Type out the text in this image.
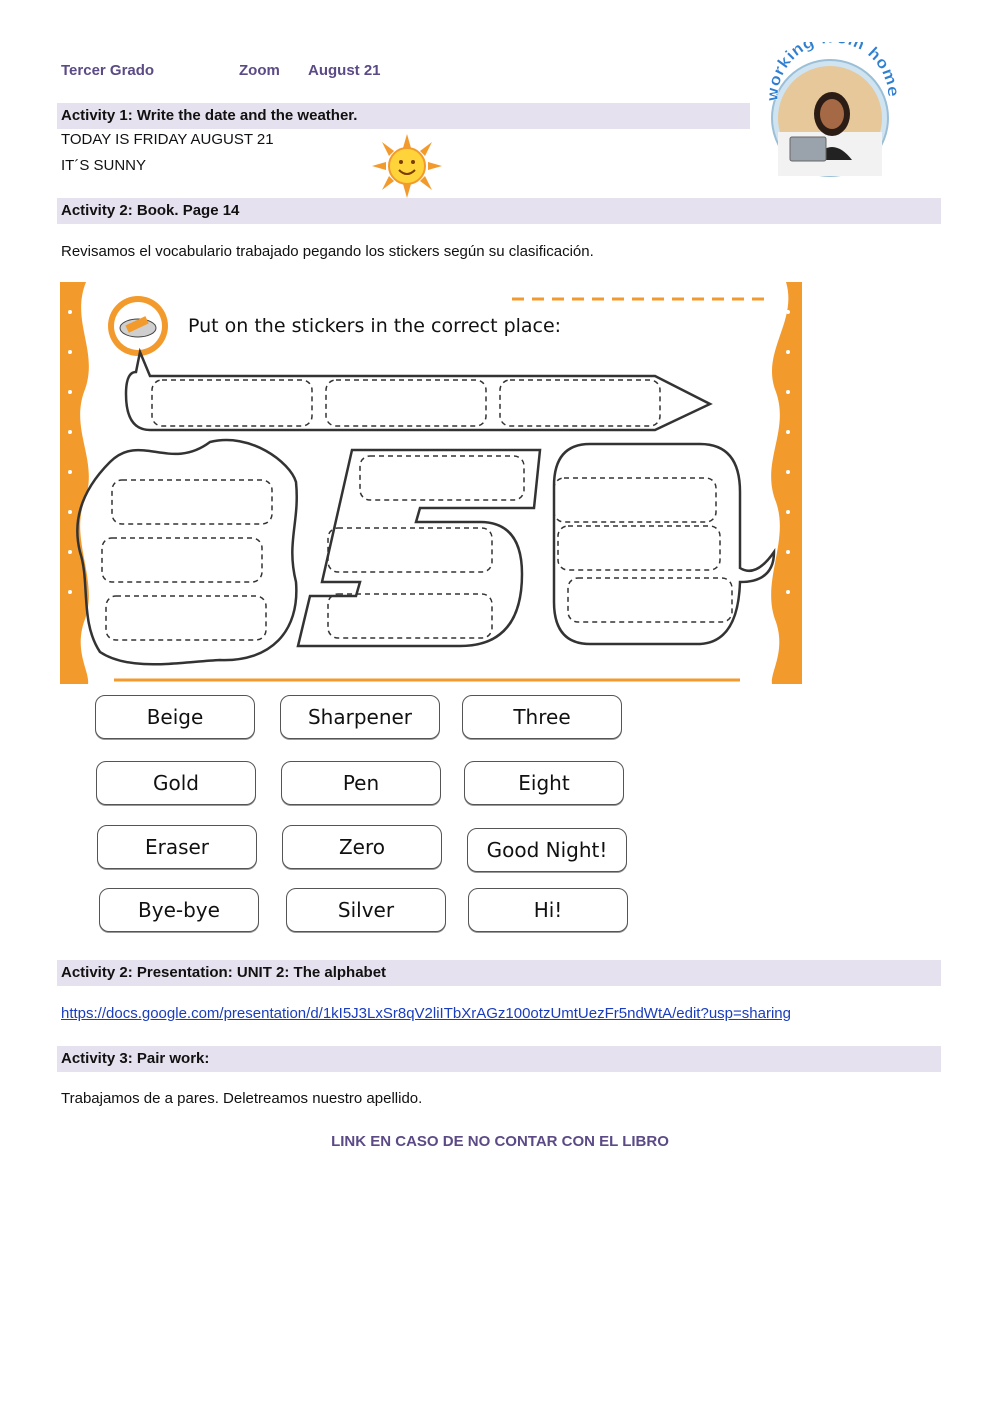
Tercer Grado	Zoom August 21
working m hom
Activity 1: Write the date and the weather.
TODAY IS FRIDAY AUGUST 21
IT´S SUNNY
Activity 2: Book. Page 14
Revisamos el vocabulario trabajado pegando los stickers según su clasificación.
Put on the stickers in the correct place:
Beige	Sharpener	Three
Gold	Pen	Eight
Eraser	Zero	Good Night!
Bye-bye	Silver	Hi!
Activity 2: Presentation: UNIT 2: The alphabet
https://docs.google.com/presentation/d/1kI5J3LxSr8qV2liITbXrAGz100otzUmtUezFr5ndWtA/edit?usp=sharing
Activity 3: Pair work:
Trabajamos de a pares. Deletreamos nuestro apellido.
LINK EN CASO DE NO CONTAR CON EL LIBRO
